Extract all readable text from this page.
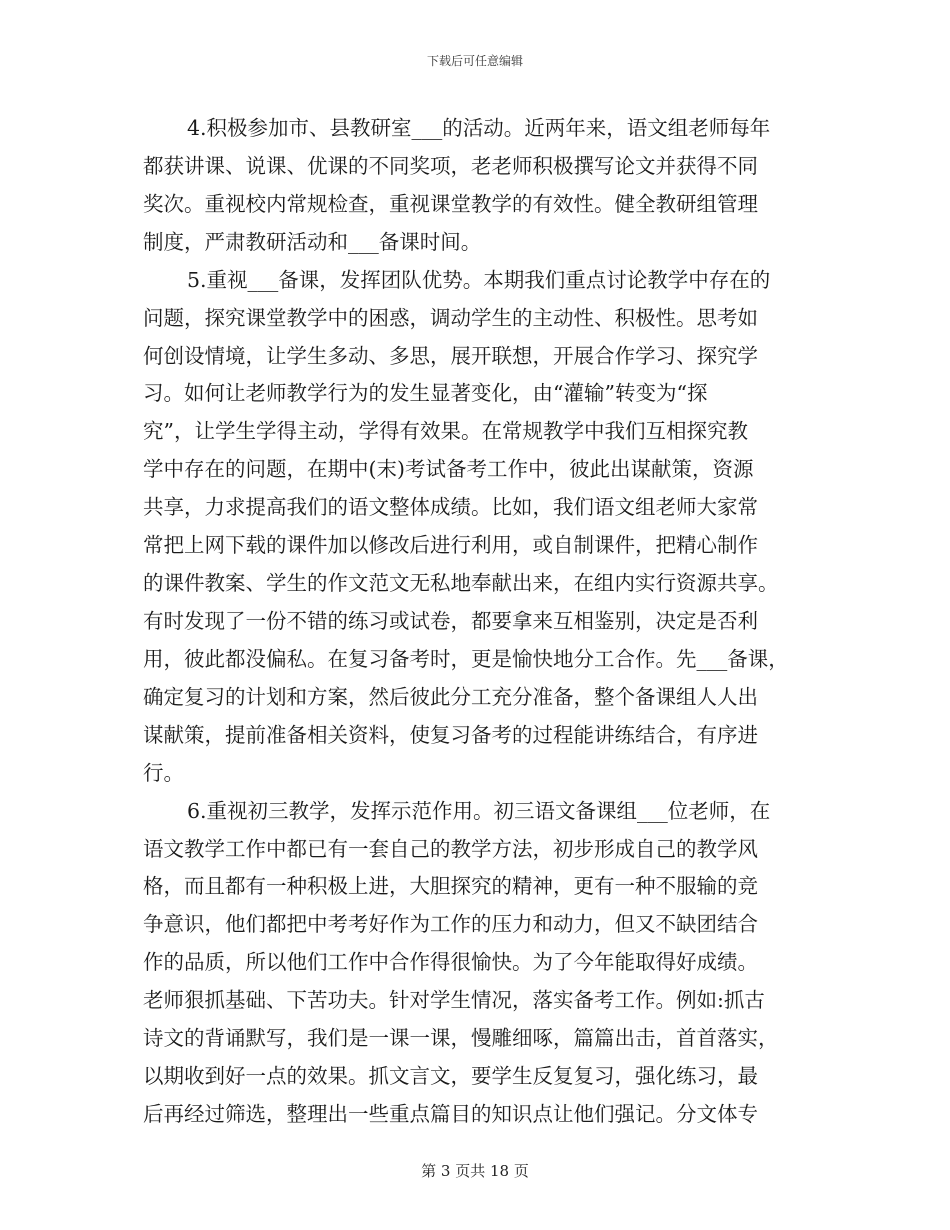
下载后可任意编辑
4.积极参加市、县教研室___的活动。近两年来，语文组老师每年
都获讲课、说课、优课的不同奖项，老老师积极撰写论文并获得不同
奖次。重视校内常规检查，重视课堂教学的有效性。健全教研组管理
制度，严肃教研活动和___备课时间。
5.重视___备课，发挥团队优势。本期我们重点讨论教学中存在的
问题，探究课堂教学中的困惑，调动学生的主动性、积极性。思考如
何创设情境，让学生多动、多思，展开联想，开展合作学习、探究学
习。如何让老师教学行为的发生显著变化，由“灌输”转变为“探
究”，让学生学得主动，学得有效果。在常规教学中我们互相探究教
学中存在的问题，在期中(末)考试备考工作中，彼此出谋献策，资源
共享，力求提高我们的语文整体成绩。比如，我们语文组老师大家常
常把上网下载的课件加以修改后进行利用，或自制课件，把精心制作
的课件教案、学生的作文范文无私地奉献出来，在组内实行资源共享。
有时发现了一份不错的练习或试卷，都要拿来互相鉴别，决定是否利
用，彼此都没偏私。在复习备考时，更是愉快地分工合作。先___备课，
确定复习的计划和方案，然后彼此分工充分准备，整个备课组人人出
谋献策，提前准备相关资料，使复习备考的过程能讲练结合，有序进
行。
6.重视初三教学，发挥示范作用。初三语文备课组___位老师，在
语文教学工作中都已有一套自己的教学方法，初步形成自己的教学风
格，而且都有一种积极上进，大胆探究的精神，更有一种不服输的竞
争意识，他们都把中考考好作为工作的压力和动力，但又不缺团结合
作的品质，所以他们工作中合作得很愉快。为了今年能取得好成绩。
老师狠抓基础、下苦功夫。针对学生情况，落实备考工作。例如:抓古
诗文的背诵默写，我们是一课一课，慢雕细啄，篇篇出击，首首落实，
以期收到好一点的效果。抓文言文，要学生反复复习，强化练习，最
后再经过筛选，整理出一些重点篇目的知识点让他们强记。分文体专
第 3 页共 18 页
